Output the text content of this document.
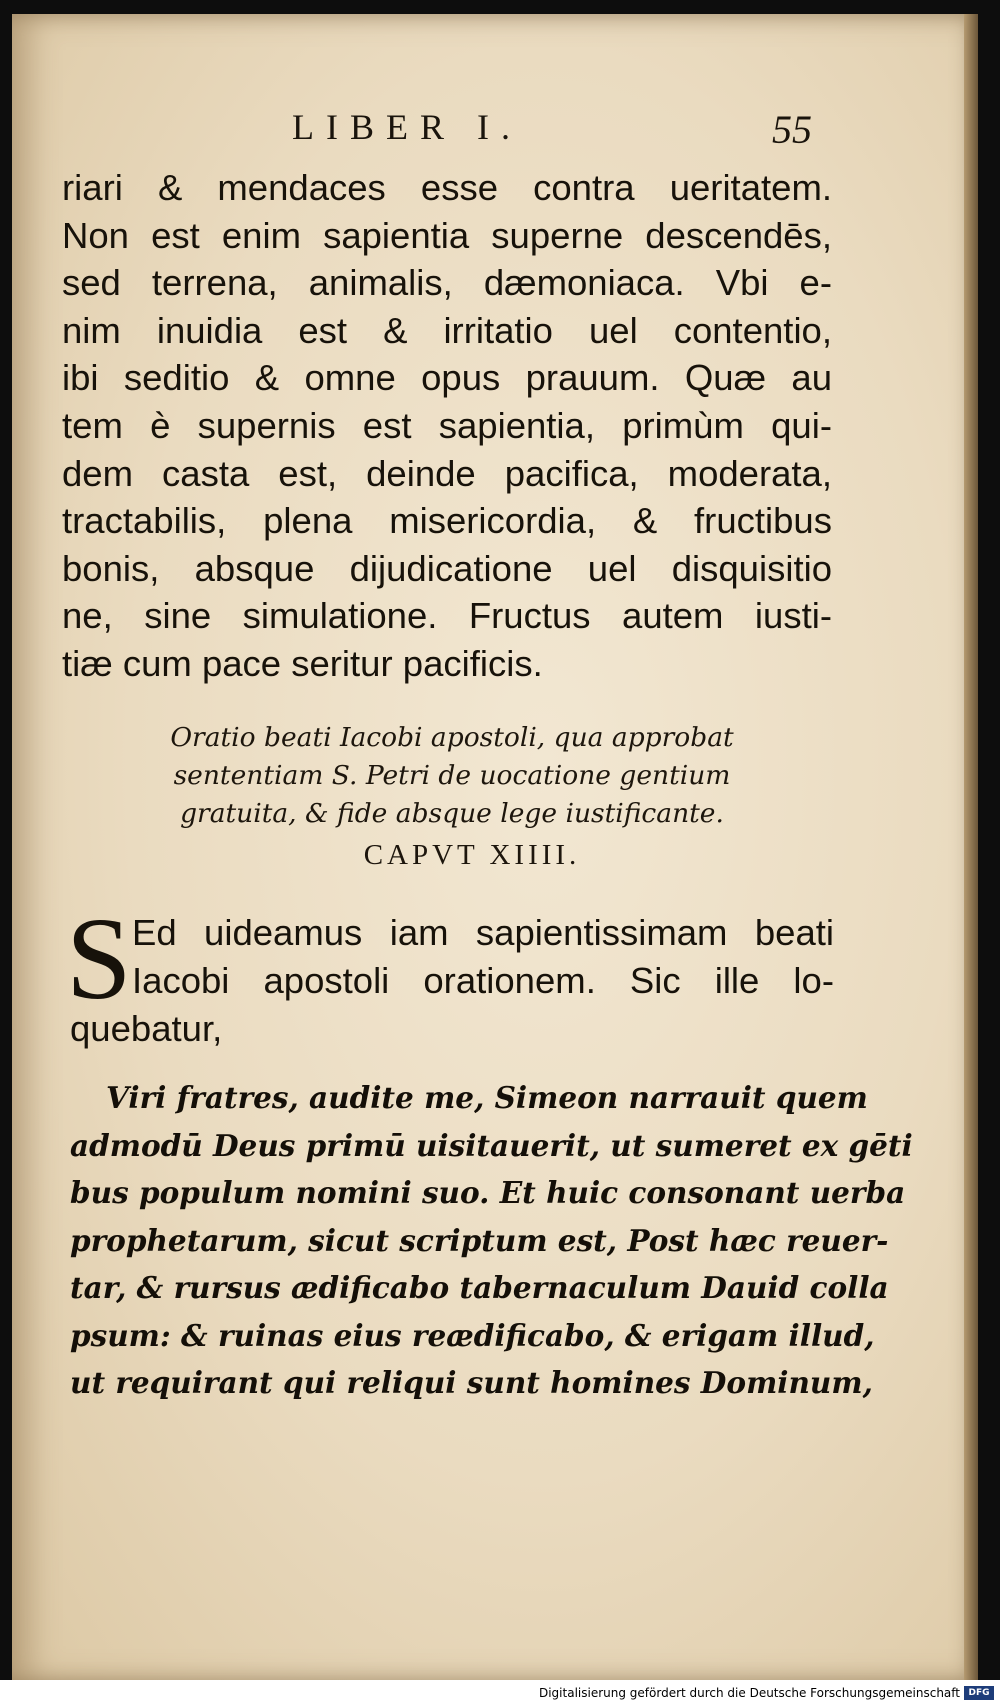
LIBER I.	55
riari & mendaces esse contra ueritatem.
Non est enim sapientia superne descendēs,
sed terrena, animalis, dæmoniaca. Vbi e-
nim inuidia est & irritatio uel contentio,
ibi seditio & omne opus prauum. Quæ au
tem è supernis est sapientia, primùm qui-
dem casta est, deinde pacifica, moderata,
tractabilis, plena misericordia, & fructibus
bonis, absque dijudicatione uel disquisitio
ne, sine simulatione. Fructus autem iusti-
tiæ cum pace seritur pacificis.
Oratio beati Iacobi apostoli, qua approbat
sententiam S. Petri de uocatione gentium
gratuita, & fide absque lege iustificante.
CAPVT XIIII.
S Ed uideamus iam sapientissimam beati
Iacobi apostoli orationem. Sic ille lo-
quebatur,
Viri fratres, audite me, Simeon narrauit quem
admodū Deus primū uisitauerit, ut sumeret ex gēti
bus populum nomini suo. Et huic consonant uerba
prophetarum, sicut scriptum est, Post hæc reuer-
tar, & rursus ædificabo tabernaculum Dauid colla
psum: & ruinas eius reædificabo, & erigam illud,
ut requirant qui reliqui sunt homines Dominum,
Digitalisierung gefördert durch die Deutsche Forschungsgemeinschaft DFG
